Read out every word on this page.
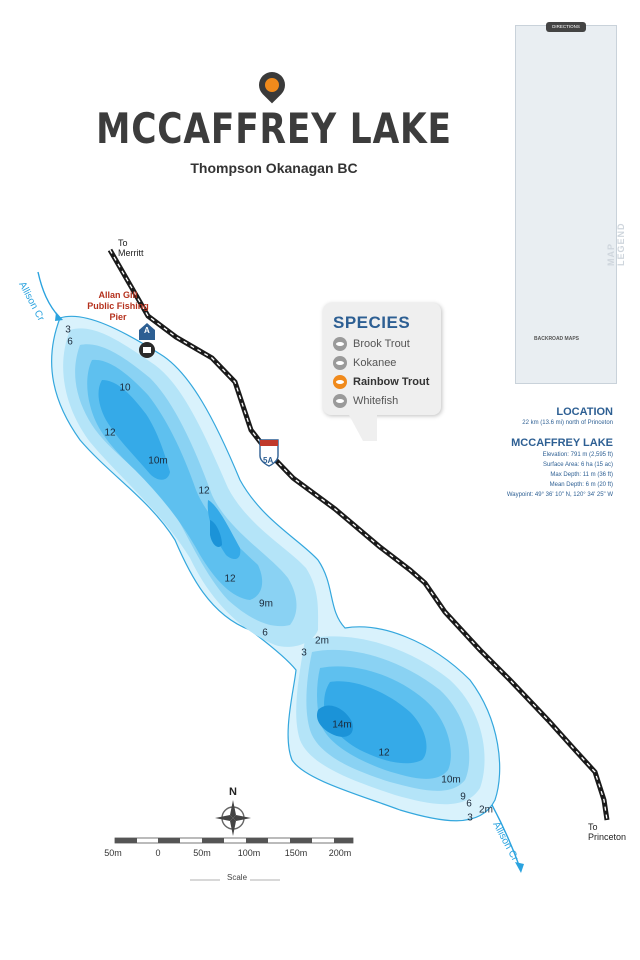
MCCAFFREY LAKE
Thompson Okanagan BC
DIRECTIONS
MAP LEGEND
BACKROAD MAPS
SPECIES
Brook Trout
Kokanee
Rainbow Trout
Whitefish
LOCATION
22 km (13.6 mi) north of Princeton
MCCAFFREY LAKE
Elevation: 791 m (2,595 ft)
Surface Area: 6 ha (15 ac)
Max Depth: 11 m (36 ft)
Mean Depth: 6 m (20 ft)
Waypoint: 49° 36' 10" N, 120° 34' 25" W
To
Merritt
To
Princeton
Allison Cr
Allison Cr
Allan Gill
Public Fishing
Pier
5A
A
N
3
6
10
12
10m
12
12
9m
6
2m
3
14m
12
10m
9
6
2m
3
50m	0	50m	100m	150m 200m
Scale
